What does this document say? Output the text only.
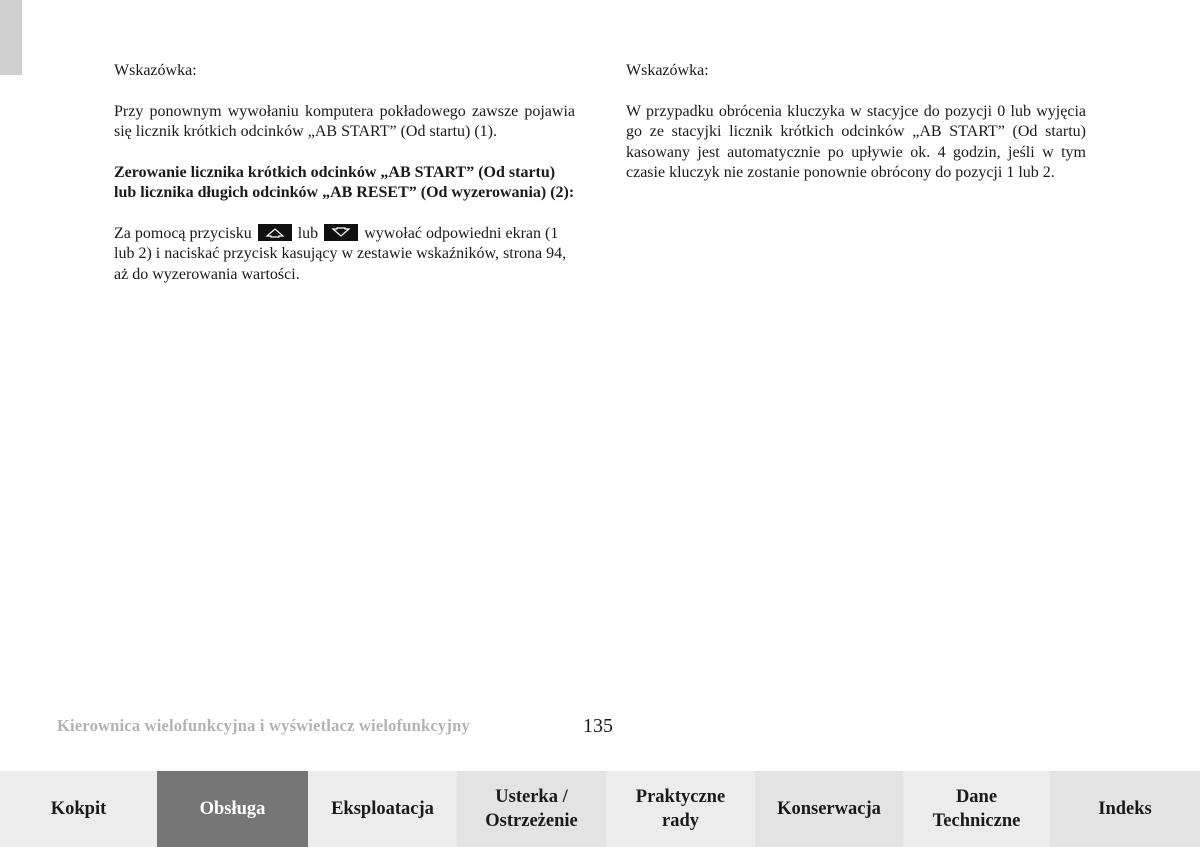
Wskazówka:

Przy ponownym wywołaniu komputera pokładowego zawsze pojawia się licznik krótkich odcinków „AB START” (Od startu) (1).

Zerowanie licznika krótkich odcinków „AB START” (Od startu) lub licznika długich odcinków „AB RESET” (Od wyzerowania) (2):

Za pomocą przycisku	lub	wywołać odpowiedni ekran (1 lub 2) i naciskać przycisk kasujący w zestawie wskaźników, strona 94, aż do wyzerowania wartości.

Wskazówka:

W przypadku obrócenia kluczyka w stacyjce do pozycji 0 lub wyjęcia go ze stacyjki licznik krótkich odcinków „AB START” (Od startu) kasowany jest automatycznie po upływie ok. 4 godzin, jeśli w tym czasie kluczyk nie zostanie ponownie obrócony do pozycji 1 lub 2.

Kierownica wielofunkcyjna i wyświetlacz wielofunkcyjny	135
Kokpit	Obsługa	Eksploatacja
Usterka /
Ostrzeżenie
Praktyczne
rady
Konserwacja
Dane
Techniczne
Indeks
